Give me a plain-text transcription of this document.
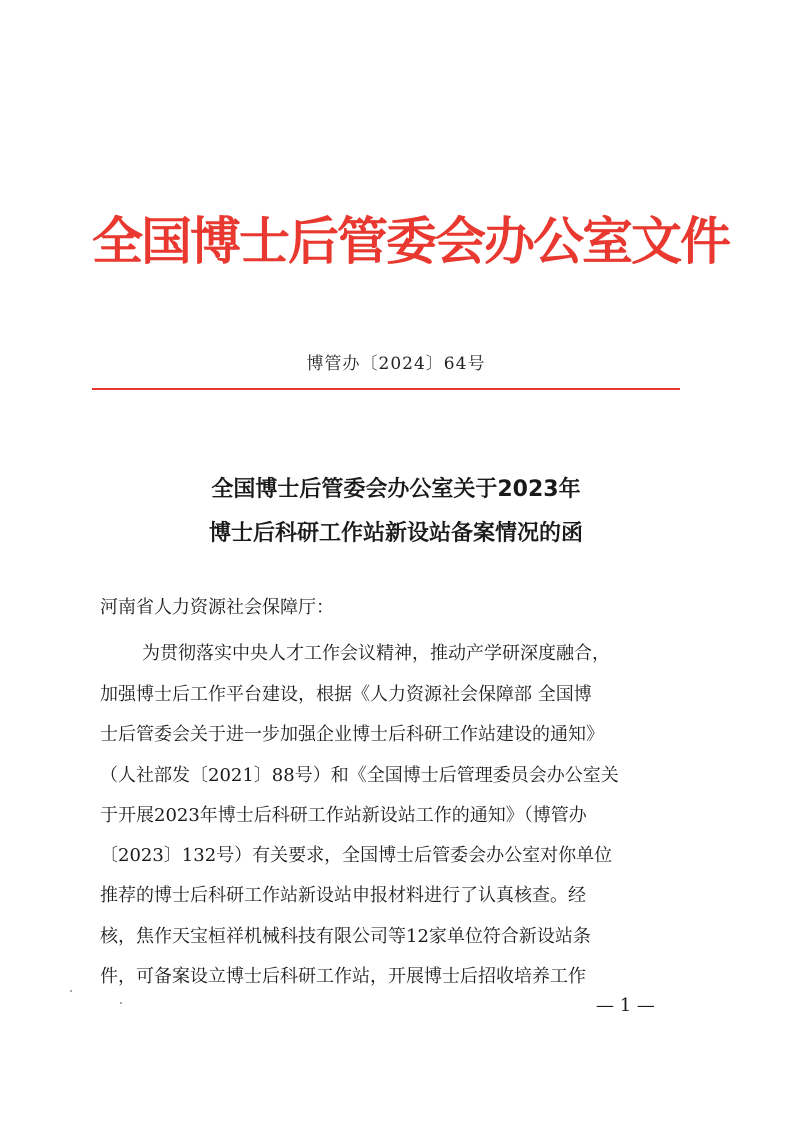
全国博士后管委会办公室文件
博管办〔2024〕64号
全国博士后管委会办公室关于2023年
博士后科研工作站新设站备案情况的函
河南省人力资源社会保障厅：
为贯彻落实中央人才工作会议精神，推动产学研深度融合，
加强博士后工作平台建设，根据《人力资源社会保障部 全国博
士后管委会关于进一步加强企业博士后科研工作站建设的通知》
（人社部发〔2021〕88号）和《全国博士后管理委员会办公室关
于开展2023年博士后科研工作站新设站工作的通知》（博管办
〔2023〕132号）有关要求，全国博士后管委会办公室对你单位
推荐的博士后科研工作站新设站申报材料进行了认真核查。经
核，焦作天宝桓祥机械科技有限公司等12家单位符合新设站条
件，可备案设立博士后科研工作站，开展博士后招收培养工作
— 1 —
